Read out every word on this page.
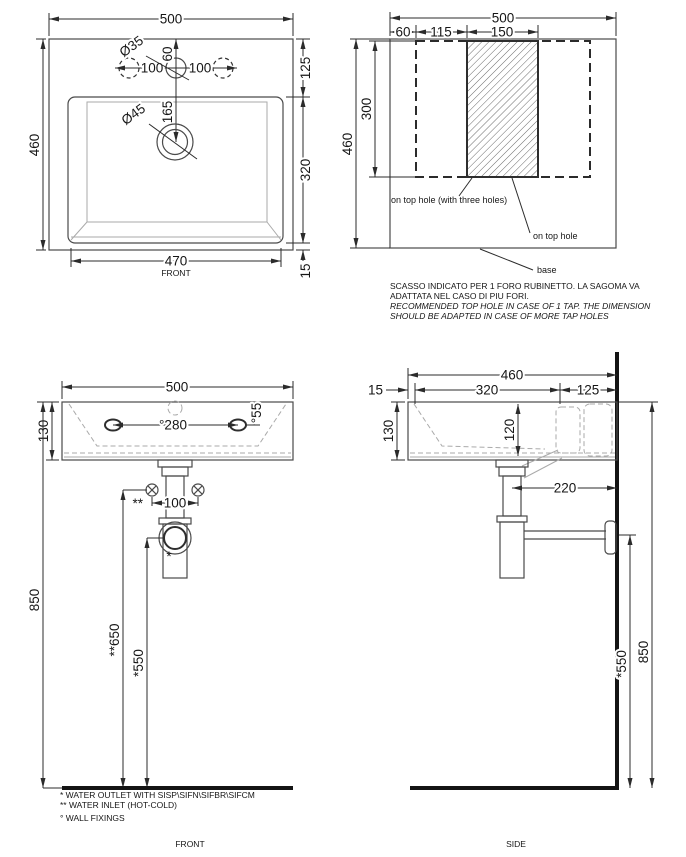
100 100
60
165
Ø45
Ø35
500
460
125
320
15
470
FRONT
500
60 115	150
460
300
on top hole (with three holes)
on top hole
base
SCASSO INDICATO PER 1 FORO RUBINETTO. LA SAGOMA VA
ADATTATA NEL CASO DI PIU FORI.
RECOMMENDED TOP HOLE IN CASE OF 1 TAP. THE DIMENSION
SHOULD BE ADAPTED IN CASE OF MORE TAP HOLES
°280
°55
500
130
*
100
**
850
**650
*550
* WATER OUTLET WITH SISP\SIFN\SIFBR\SIFCM
** WATER INLET (HOT-COLD)
° WALL FIXINGS
FRONT
460
15	320	125
130	120
220
850
*550
SIDE
